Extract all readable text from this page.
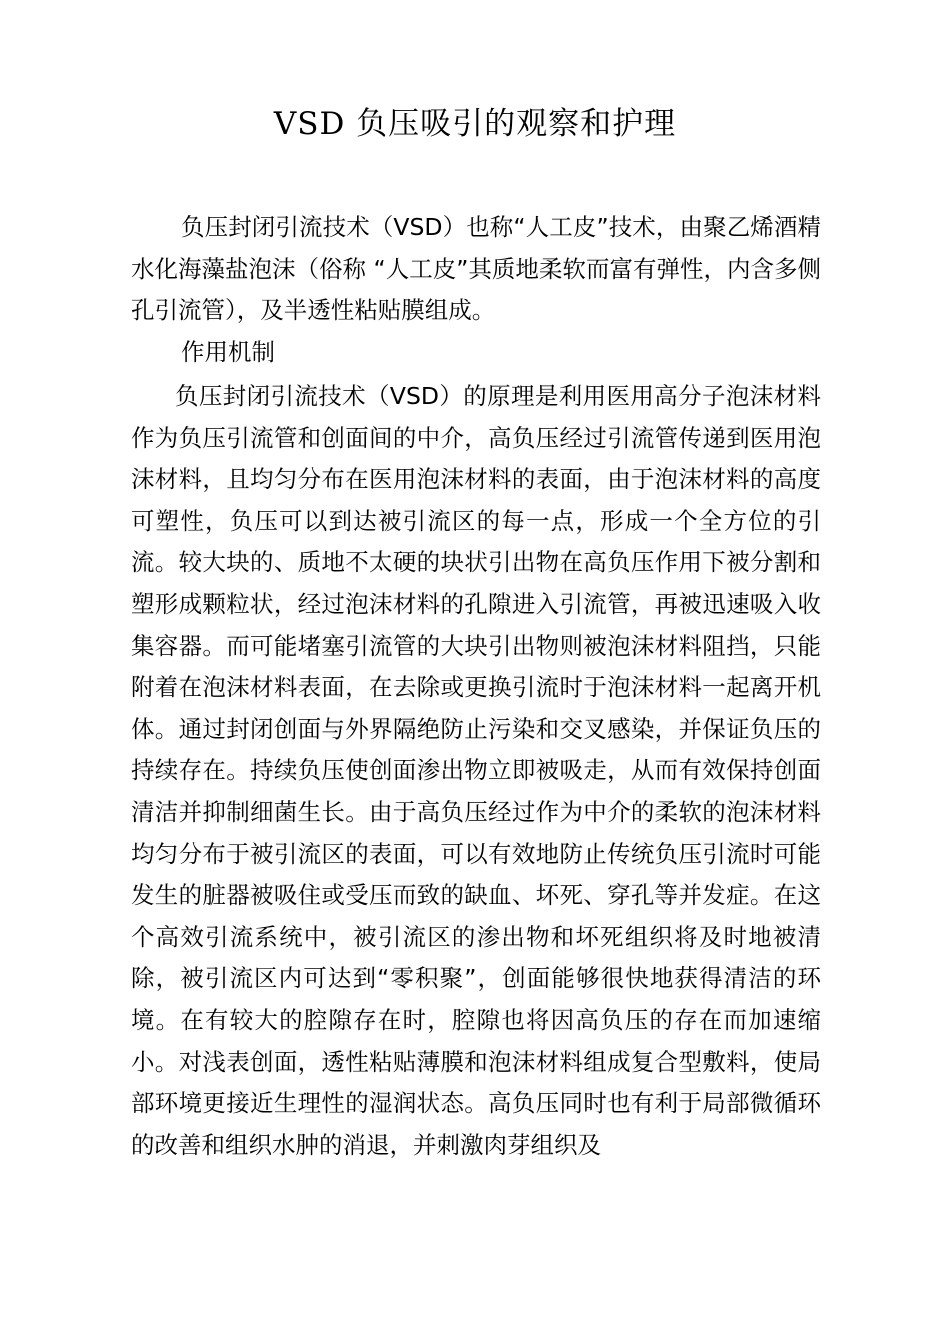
VSD 负压吸引的观察和护理

负压封闭引流技术（VSD）也称“人工皮”技术，由聚乙烯酒精水化海藻盐泡沫（俗称 “人工皮”其质地柔软而富有弹性，内含多侧孔引流管），及半透性粘贴膜组成。

作用机制

负压封闭引流技术（VSD）的原理是利用医用高分子泡沫材料作为负压引流管和创面间的中介，高负压经过引流管传递到医用泡沫材料，且均匀分布在医用泡沫材料的表面，由于泡沫材料的高度可塑性，负压可以到达被引流区的每一点，形成一个全方位的引流。较大块的、质地不太硬的块状引出物在高负压作用下被分割和塑形成颗粒状，经过泡沫材料的孔隙进入引流管，再被迅速吸入收集容器。而可能堵塞引流管的大块引出物则被泡沫材料阻挡，只能附着在泡沫材料表面，在去除或更换引流时于泡沫材料一起离开机体。通过封闭创面与外界隔绝防止污染和交叉感染，并保证负压的持续存在。持续负压使创面渗出物立即被吸走，从而有效保持创面清洁并抑制细菌生长。由于高负压经过作为中介的柔软的泡沫材料均匀分布于被引流区的表面，可以有效地防止传统负压引流时可能发生的脏器被吸住或受压而致的缺血、坏死、穿孔等并发症。在这个高效引流系统中，被引流区的渗出物和坏死组织将及时地被清除，被引流区内可达到“零积聚”，创面能够很快地获得清洁的环境。在有较大的腔隙存在时，腔隙也将因高负压的存在而加速缩小。对浅表创面，透性粘贴薄膜和泡沫材料组成复合型敷料，使局部环境更接近生理性的湿润状态。高负压同时也有利于局部微循环的改善和组织水肿的消退，并刺激肉芽组织及
